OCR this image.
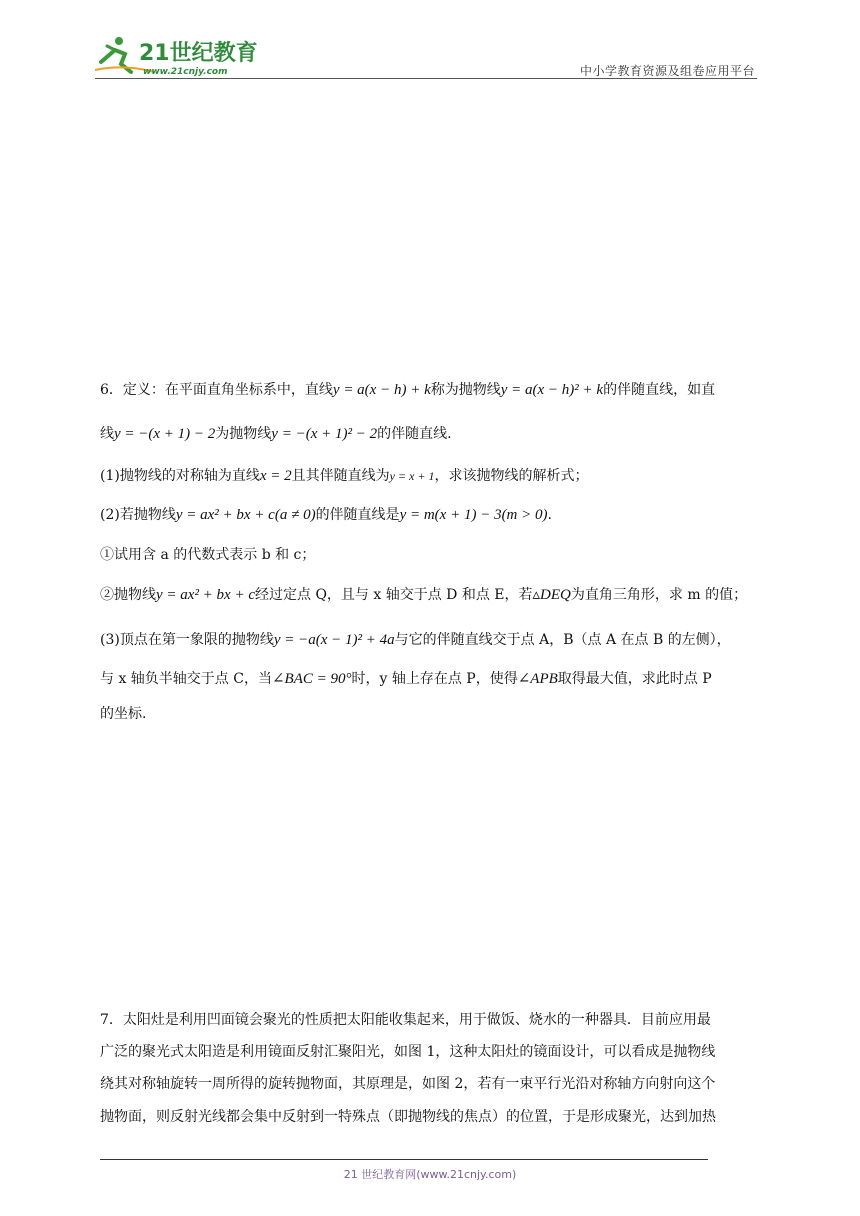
21世纪教育
www.21cnjy.com	中小学教育资源及组卷应用平台
6．定义：在平面直角坐标系中，直线y = a(x − h) + k称为抛物线y = a(x − h)² + k的伴随直线，如直
线y = −(x + 1) − 2为抛物线y = −(x + 1)² − 2的伴随直线.
(1)抛物线的对称轴为直线x = 2且其伴随直线为y = x + 1，求该抛物线的解析式；
(2)若抛物线y = ax² + bx + c(a ≠ 0)的伴随直线是y = m(x + 1) − 3(m > 0).
①试用含 a 的代数式表示 b 和 c；
②抛物线y = ax² + bx + c经过定点 Q，且与 x 轴交于点 D 和点 E，若▵DEQ为直角三角形，求 m 的值；
(3)顶点在第一象限的抛物线y = −a(x − 1)² + 4a与它的伴随直线交于点 A，B（点 A 在点 B 的左侧），
与 x 轴负半轴交于点 C，当∠BAC = 90°时，y 轴上存在点 P，使得∠APB取得最大值，求此时点 P
的坐标.
7．太阳灶是利用凹面镜会聚光的性质把太阳能收集起来，用于做饭、烧水的一种器具．目前应用最
广泛的聚光式太阳造是利用镜面反射汇聚阳光，如图 1，这种太阳灶的镜面设计，可以看成是抛物线
绕其对称轴旋转一周所得的旋转抛物面，其原理是，如图 2，若有一束平行光沿对称轴方向射向这个
抛物面，则反射光线都会集中反射到一特殊点（即抛物线的焦点）的位置，于是形成聚光，达到加热
21 世纪教育网(www.21cnjy.com)
